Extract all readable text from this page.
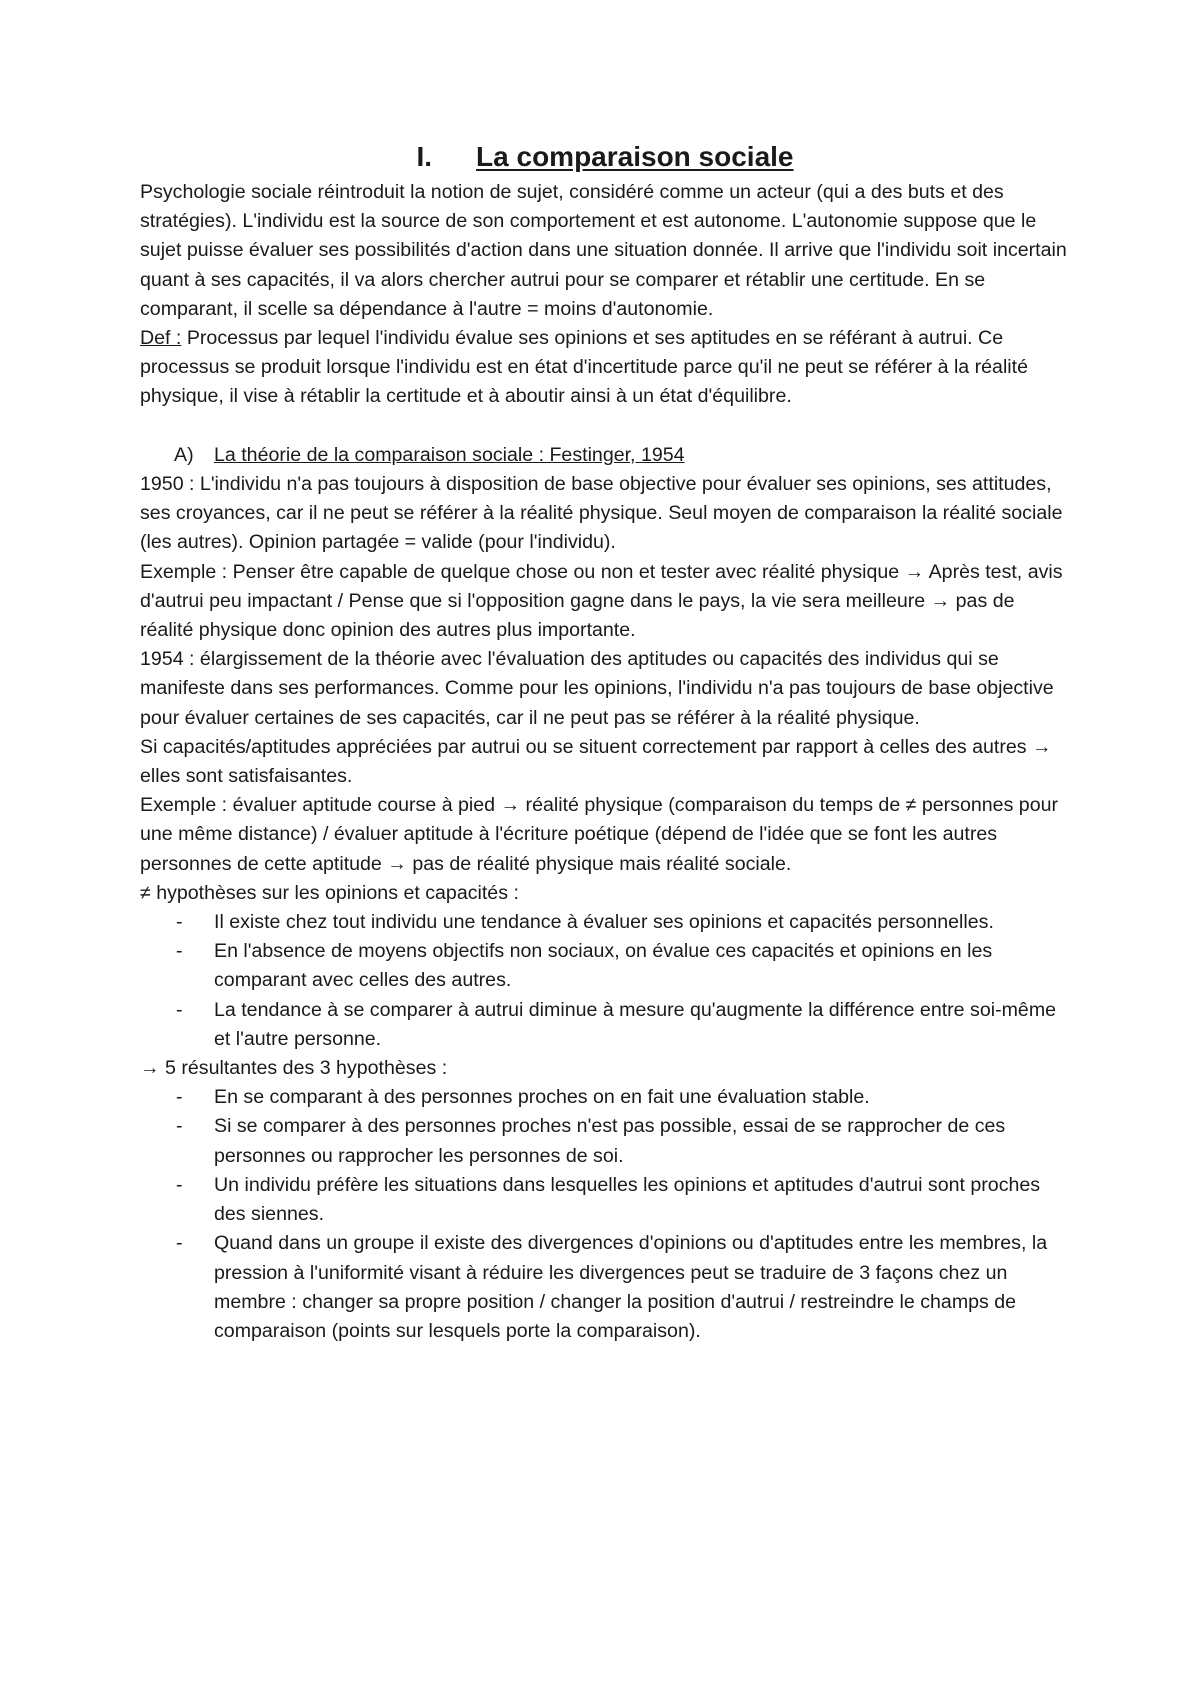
I. La comparaison sociale

Psychologie sociale réintroduit la notion de sujet, considéré comme un acteur (qui a des buts et des stratégies). L'individu est la source de son comportement et est autonome. L'autonomie suppose que le sujet puisse évaluer ses possibilités d'action dans une situation donnée. Il arrive que l'individu soit incertain quant à ses capacités, il va alors chercher autrui pour se comparer et rétablir une certitude. En se comparant, il scelle sa dépendance à l'autre = moins d'autonomie.

Def : Processus par lequel l'individu évalue ses opinions et ses aptitudes en se référant à autrui. Ce processus se produit lorsque l'individu est en état d'incertitude parce qu'il ne peut se référer à la réalité physique, il vise à rétablir la certitude et à aboutir ainsi à un état d'équilibre.

A) La théorie de la comparaison sociale : Festinger, 1954

1950 : L'individu n'a pas toujours à disposition de base objective pour évaluer ses opinions, ses attitudes, ses croyances, car il ne peut se référer à la réalité physique. Seul moyen de comparaison la réalité sociale (les autres). Opinion partagée = valide (pour l'individu).

Exemple : Penser être capable de quelque chose ou non et tester avec réalité physique → Après test, avis d'autrui peu impactant / Pense que si l'opposition gagne dans le pays, la vie sera meilleure → pas de réalité physique donc opinion des autres plus importante.

1954 : élargissement de la théorie avec l'évaluation des aptitudes ou capacités des individus qui se manifeste dans ses performances. Comme pour les opinions, l'individu n'a pas toujours de base objective pour évaluer certaines de ses capacités, car il ne peut pas se référer à la réalité physique.

Si capacités/aptitudes appréciées par autrui ou se situent correctement par rapport à celles des autres → elles sont satisfaisantes.

Exemple : évaluer aptitude course à pied → réalité physique (comparaison du temps de ≠ personnes pour une même distance) / évaluer aptitude à l'écriture poétique (dépend de l'idée que se font les autres personnes de cette aptitude → pas de réalité physique mais réalité sociale.

≠ hypothèses sur les opinions et capacités :

- Il existe chez tout individu une tendance à évaluer ses opinions et capacités personnelles.
- En l'absence de moyens objectifs non sociaux, on évalue ces capacités et opinions en les comparant avec celles des autres.
- La tendance à se comparer à autrui diminue à mesure qu'augmente la différence entre soi-même et l'autre personne.

→ 5 résultantes des 3 hypothèses :

- En se comparant à des personnes proches on en fait une évaluation stable.
- Si se comparer à des personnes proches n'est pas possible, essai de se rapprocher de ces personnes ou rapprocher les personnes de soi.
- Un individu préfère les situations dans lesquelles les opinions et aptitudes d'autrui sont proches des siennes.
- Quand dans un groupe il existe des divergences d'opinions ou d'aptitudes entre les membres, la pression à l'uniformité visant à réduire les divergences peut se traduire de 3 façons chez un membre : changer sa propre position / changer la position d'autrui / restreindre le champs de comparaison (points sur lesquels porte la comparaison).
